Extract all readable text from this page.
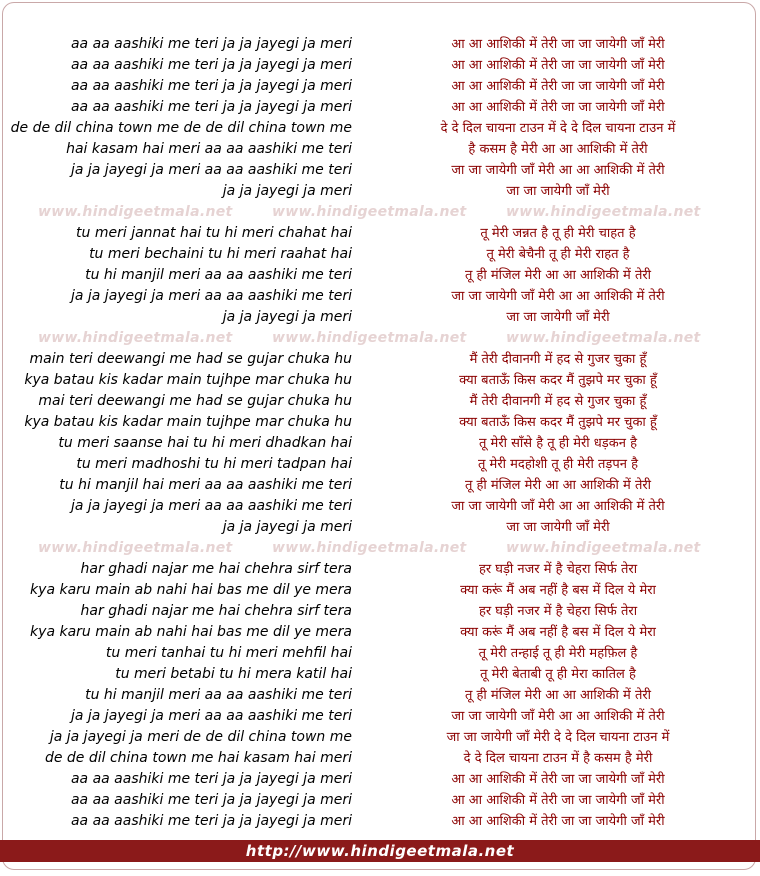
aa aa aashiki me teri ja ja jayegi ja meri	आ आ आशिकी में तेरी जा जा जायेगी जाँ मेरी
aa aa aashiki me teri ja ja jayegi ja meri	आ आ आशिकी में तेरी जा जा जायेगी जाँ मेरी
aa aa aashiki me teri ja ja jayegi ja meri	आ आ आशिकी में तेरी जा जा जायेगी जाँ मेरी
aa aa aashiki me teri ja ja jayegi ja meri	आ आ आशिकी में तेरी जा जा जायेगी जाँ मेरी
de de dil china town me de de dil china town me	दे दे दिल चायना टाउन में दे दे दिल चायना टाउन में
hai kasam hai meri aa aa aashiki me teri	है कसम है मेरी आ आ आशिकी में तेरी
ja ja jayegi ja meri aa aa aashiki me teri	जा जा जायेगी जाँ मेरी आ आ आशिकी में तेरी
ja ja jayegi ja meri	जा जा जायेगी जाँ मेरी
tu meri jannat hai tu hi meri chahat hai	तू मेरी जन्नत है तू ही मेरी चाहत है
tu meri bechaini tu hi meri raahat hai	तू मेरी बेचैनी तू ही मेरी राहत है
tu hi manjil meri aa aa aashiki me teri	तू ही मंजिल मेरी आ आ आशिकी में तेरी
ja ja jayegi ja meri aa aa aashiki me teri	जा जा जायेगी जाँ मेरी आ आ आशिकी में तेरी
ja ja jayegi ja meri	जा जा जायेगी जाँ मेरी
main teri deewangi me had se gujar chuka hu	मैं तेरी दीवानगी में हद से गुजर चुका हूँ
kya batau kis kadar main tujhpe mar chuka hu	क्या बताऊँ किस कदर मैं तुझपे मर चुका हूँ
mai teri deewangi me had se gujar chuka hu	मैं तेरी दीवानगी में हद से गुजर चुका हूँ
kya batau kis kadar main tujhpe mar chuka hu	क्या बताऊँ किस कदर मैं तुझपे मर चुका हूँ
tu meri saanse hai tu hi meri dhadkan hai	तू मेरी साँसे है तू ही मेरी धड़कन है
tu meri madhoshi tu hi meri tadpan hai	तू मेरी मदहोशी तू ही मेरी तड़पन है
tu hi manjil hai meri aa aa aashiki me teri	तू ही मंजिल मेरी आ आ आशिकी में तेरी
ja ja jayegi ja meri aa aa aashiki me teri	जा जा जायेगी जाँ मेरी आ आ आशिकी में तेरी
ja ja jayegi ja meri	जा जा जायेगी जाँ मेरी
har ghadi najar me hai chehra sirf tera	हर घड़ी नजर में है चेहरा सिर्फ तेरा
kya karu main ab nahi hai bas me dil ye mera	क्या करूं मैं अब नहीं है बस में दिल ये मेरा
har ghadi najar me hai chehra sirf tera	हर घड़ी नजर में है चेहरा सिर्फ तेरा
kya karu main ab nahi hai bas me dil ye mera	क्या करूं मैं अब नहीं है बस में दिल ये मेरा
tu meri tanhai tu hi meri mehfil hai	तू मेरी तन्हाई तू ही मेरी महफ़िल है
tu meri betabi tu hi mera katil hai	तू मेरी बेताबी तू ही मेरा कातिल है
tu hi manjil meri aa aa aashiki me teri	तू ही मंजिल मेरी आ आ आशिकी में तेरी
ja ja jayegi ja meri aa aa aashiki me teri	जा जा जायेगी जाँ मेरी आ आ आशिकी में तेरी
ja ja jayegi ja meri de de dil china town me	जा जा जायेगी जाँ मेरी दे दे दिल चायना टाउन में
de de dil china town me hai kasam hai meri	दे दे दिल चायना टाउन में है कसम है मेरी
aa aa aashiki me teri ja ja jayegi ja meri	आ आ आशिकी में तेरी जा जा जायेगी जाँ मेरी
aa aa aashiki me teri ja ja jayegi ja meri	आ आ आशिकी में तेरी जा जा जायेगी जाँ मेरी
aa aa aashiki me teri ja ja jayegi ja meri	आ आ आशिकी में तेरी जा जा जायेगी जाँ मेरी
www.hindigeetmala.net	www.hindigeetmala.net	www.hindigeetmala.net
www.hindigeetmala.net	www.hindigeetmala.net	www.hindigeetmala.net
www.hindigeetmala.net	www.hindigeetmala.net	www.hindigeetmala.net
http://www.hindigeetmala.net
